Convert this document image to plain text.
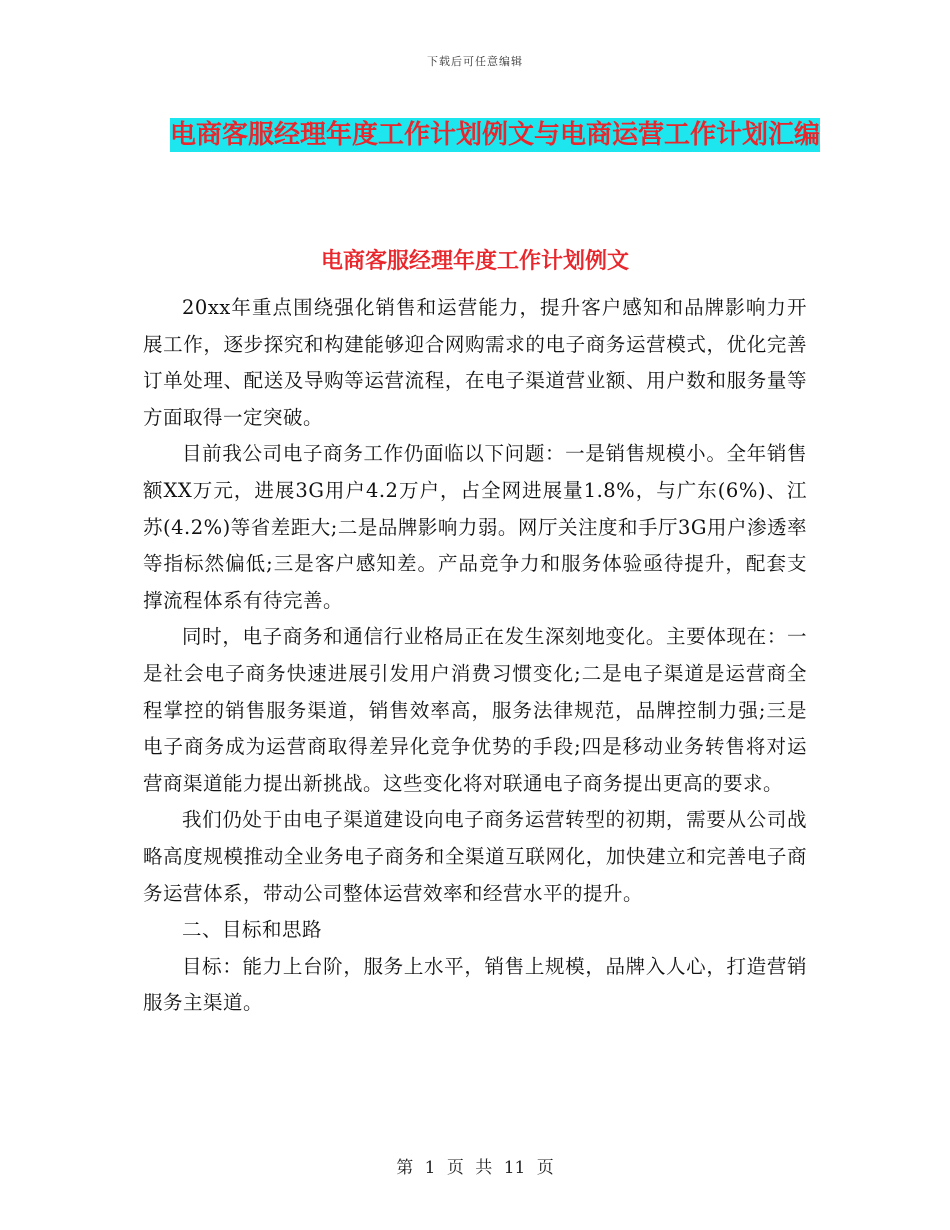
下载后可任意编辑
电商客服经理年度工作计划例文与电商运营工作计划汇编
电商客服经理年度工作计划例文

20xx年重点围绕强化销售和运营能力，提升客户感知和品牌影响力开展工作，逐步探究和构建能够迎合网购需求的电子商务运营模式，优化完善订单处理、配送及导购等运营流程，在电子渠道营业额、用户数和服务量等方面取得一定突破。

目前我公司电子商务工作仍面临以下问题：一是销售规模小。全年销售额XX万元，进展3G用户4.2万户，占全网进展量1.8%，与广东(6%)、江苏(4.2%)等省差距大;二是品牌影响力弱。网厅关注度和手厅3G用户渗透率等指标然偏低;三是客户感知差。产品竞争力和服务体验亟待提升，配套支撑流程体系有待完善。

同时，电子商务和通信行业格局正在发生深刻地变化。主要体现在：一是社会电子商务快速进展引发用户消费习惯变化;二是电子渠道是运营商全程掌控的销售服务渠道，销售效率高，服务法律规范，品牌控制力强;三是电子商务成为运营商取得差异化竞争优势的手段;四是移动业务转售将对运营商渠道能力提出新挑战。这些变化将对联通电子商务提出更高的要求。

我们仍处于由电子渠道建设向电子商务运营转型的初期，需要从公司战略高度规模推动全业务电子商务和全渠道互联网化，加快建立和完善电子商务运营体系，带动公司整体运营效率和经营水平的提升。

二、目标和思路

目标：能力上台阶，服务上水平，销售上规模，品牌入人心，打造营销服务主渠道。

第 1 页 共 11 页
